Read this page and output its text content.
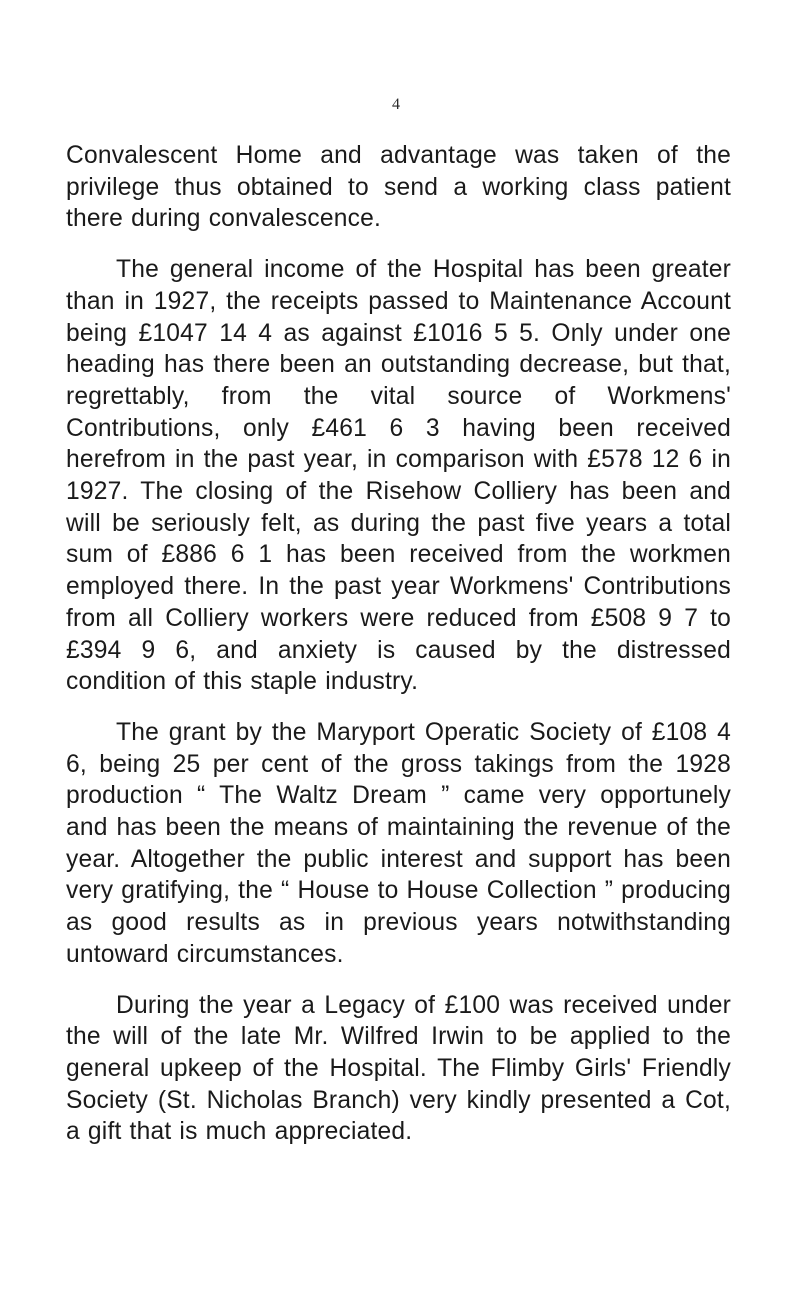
4

Convalescent Home and advantage was taken of the privilege thus obtained to send a working class patient there during convalescence.

The general income of the Hospital has been greater than in 1927, the receipts passed to Maintenance Account being £1047 14 4 as against £1016 5 5. Only under one heading has there been an outstanding decrease, but that, regrettably, from the vital source of Workmens' Contributions, only £461 6 3 having been received herefrom in the past year, in comparison with £578 12 6 in 1927. The closing of the Risehow Colliery has been and will be seriously felt, as during the past five years a total sum of £886 6 1 has been received from the workmen employed there. In the past year Workmens' Contributions from all Colliery workers were reduced from £508 9 7 to £394 9 6, and anxiety is caused by the distressed condition of this staple industry.

The grant by the Maryport Operatic Society of £108 4 6, being 25 per cent of the gross takings from the 1928 production “ The Waltz Dream ” came very opportunely and has been the means of maintaining the revenue of the year. Altogether the public interest and support has been very gratifying, the “ House to House Collection ” producing as good results as in previous years notwithstanding untoward circumstances.

During the year a Legacy of £100 was received under the will of the late Mr. Wilfred Irwin to be applied to the general upkeep of the Hospital. The Flimby Girls' Friendly Society (St. Nicholas Branch) very kindly presented a Cot, a gift that is much appreciated.
